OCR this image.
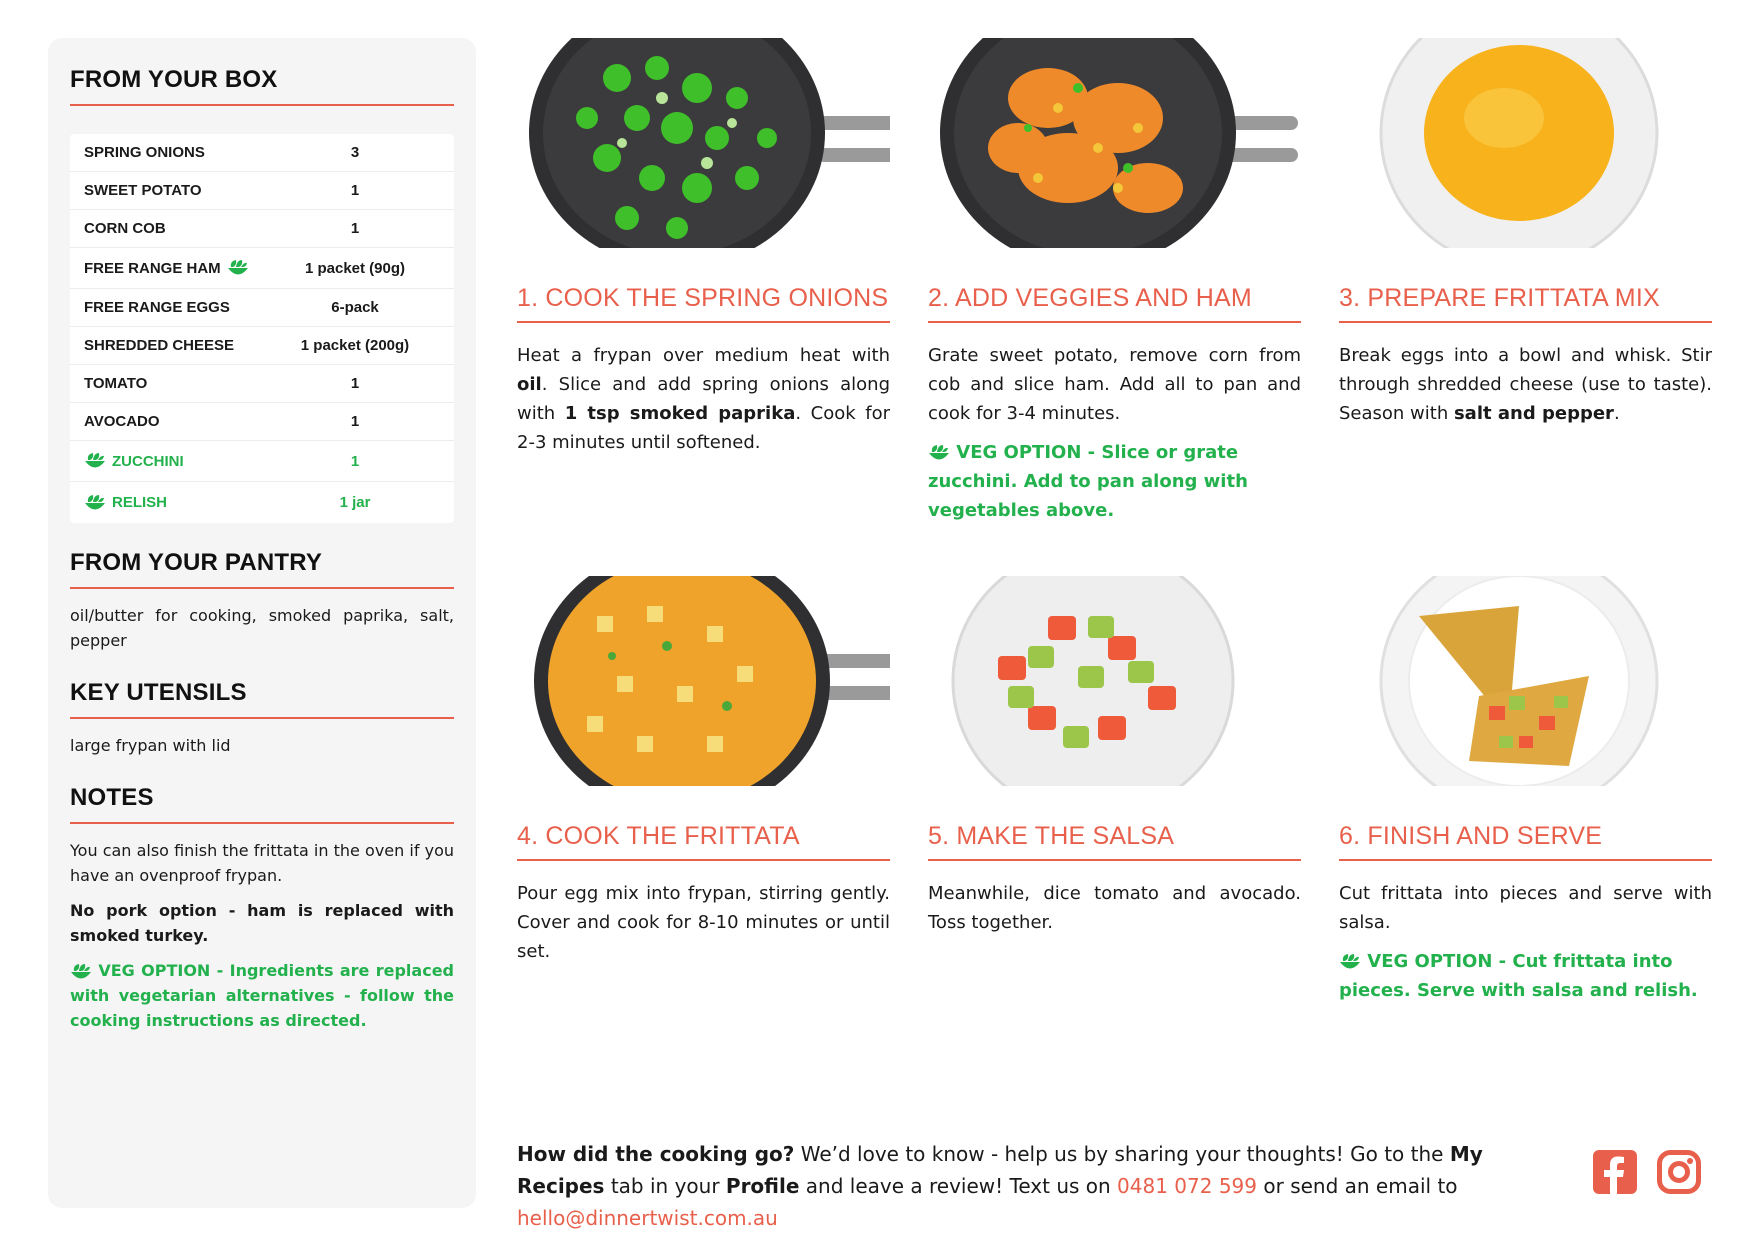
FROM YOUR BOX
SPRING ONIONS	3
SWEET POTATO	1
CORN COB	1
FREE RANGE HAM	1 packet (90g)
FREE RANGE EGGS	6-pack
SHREDDED CHEESE	1 packet (200g)
TOMATO	1
AVOCADO	1
ZUCCHINI	1
RELISH	1 jar
FROM YOUR PANTRY

oil/butter for cooking, smoked paprika, salt, pepper

KEY UTENSILS

large frypan with lid

NOTES

You can also finish the frittata in the oven if you have an ovenproof frypan.

No pork option - ham is replaced with smoked turkey.

VEG OPTION - Ingredients are replaced with vegetarian alternatives - follow the cooking instructions as directed.

1. COOK THE SPRING ONIONS

Heat a frypan over medium heat with oil. Slice and add spring onions along with 1 tsp smoked paprika. Cook for 2-3 minutes until softened.

2. ADD VEGGIES AND HAM

Grate sweet potato, remove corn from cob and slice ham. Add all to pan and cook for 3-4 minutes.

VEG OPTION - Slice or grate zucchini. Add to pan along with vegetables above.

3. PREPARE FRITTATA MIX

Break eggs into a bowl and whisk. Stir through shredded cheese (use to taste). Season with salt and pepper.

4. COOK THE FRITTATA

Pour egg mix into frypan, stirring gently. Cover and cook for 8-10 minutes or until set.

5. MAKE THE SALSA

Meanwhile, dice tomato and avocado. Toss together.

6. FINISH AND SERVE

Cut frittata into pieces and serve with salsa.

VEG OPTION - Cut frittata into pieces. Serve with salsa and relish.

How did the cooking go? We’d love to know - help us by sharing your thoughts! Go to the My Recipes tab in your Profile and leave a review! Text us on 0481 072 599 or send an email to hello@dinnertwist.com.au
